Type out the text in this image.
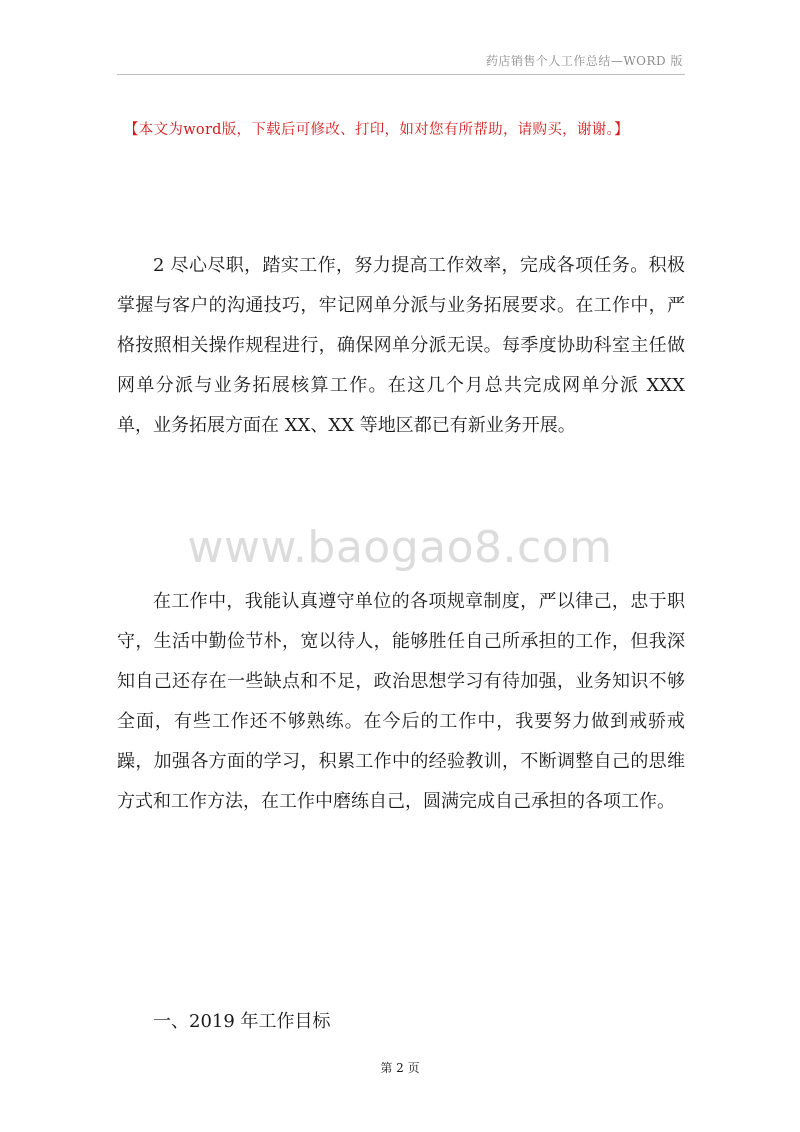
药店销售个人工作总结—WORD 版
【本文为word版，下载后可修改、打印，如对您有所帮助，请购买，谢谢。】

2 尽心尽职，踏实工作，努力提高工作效率，完成各项任务。积极掌握与客户的沟通技巧，牢记网单分派与业务拓展要求。在工作中，严格按照相关操作规程进行，确保网单分派无误。每季度协助科室主任做网单分派与业务拓展核算工作。在这几个月总共完成网单分派 XXX 单，业务拓展方面在 XX、XX 等地区都已有新业务开展。

www.baogao8.com

在工作中，我能认真遵守单位的各项规章制度，严以律己，忠于职守，生活中勤俭节朴，宽以待人，能够胜任自己所承担的工作，但我深知自己还存在一些缺点和不足，政治思想学习有待加强，业务知识不够全面，有些工作还不够熟练。在今后的工作中，我要努力做到戒骄戒躁，加强各方面的学习，积累工作中的经验教训，不断调整自己的思维方式和工作方法，在工作中磨练自己，圆满完成自己承担的各项工作。

一、2019 年工作目标

第 2 页
